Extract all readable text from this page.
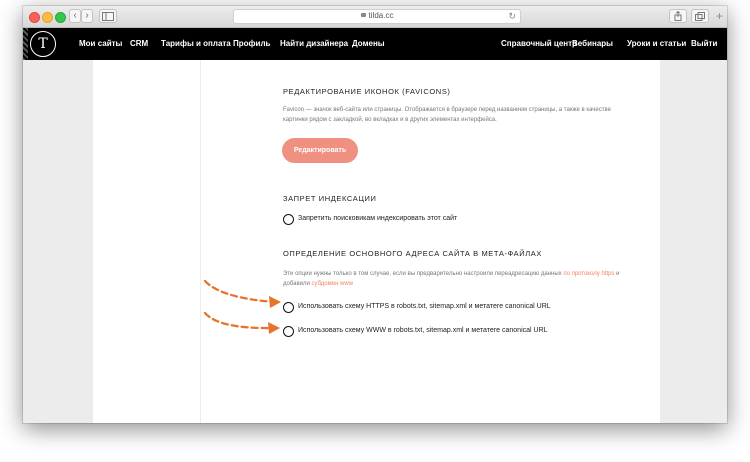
‹ ›	tilda.cc	↻	+
T	Мои сайты CRM Тарифы и оплата Профиль Найти дизайнера Домены	Справочный центр
Вебинары Уроки и статьи Выйти
РЕДАКТИРОВАНИЕ ИКОНОК (FAVICONS)
Favicon — значок веб-сайта или страницы. Отображается в браузере перед названием страницы, а также в качестве картинки рядом с закладкой, во вкладках и в других элементах интерфейса.
Редактировать
ЗАПРЕТ ИНДЕКСАЦИИ
Запретить поисковикам индексировать этот сайт
ОПРЕДЕЛЕНИЕ ОСНОВНОГО АДРЕСА САЙТА В МЕТА-ФАЙЛАХ
Эти опции нужны только в том случае, если вы предварительно настроили переадресацию данных по протоколу https и добавили субдомен www
Использовать схему HTTPS в robots.txt, sitemap.xml и метатеге canonical URL
Использовать схему WWW в robots.txt, sitemap.xml и метатеге canonical URL
